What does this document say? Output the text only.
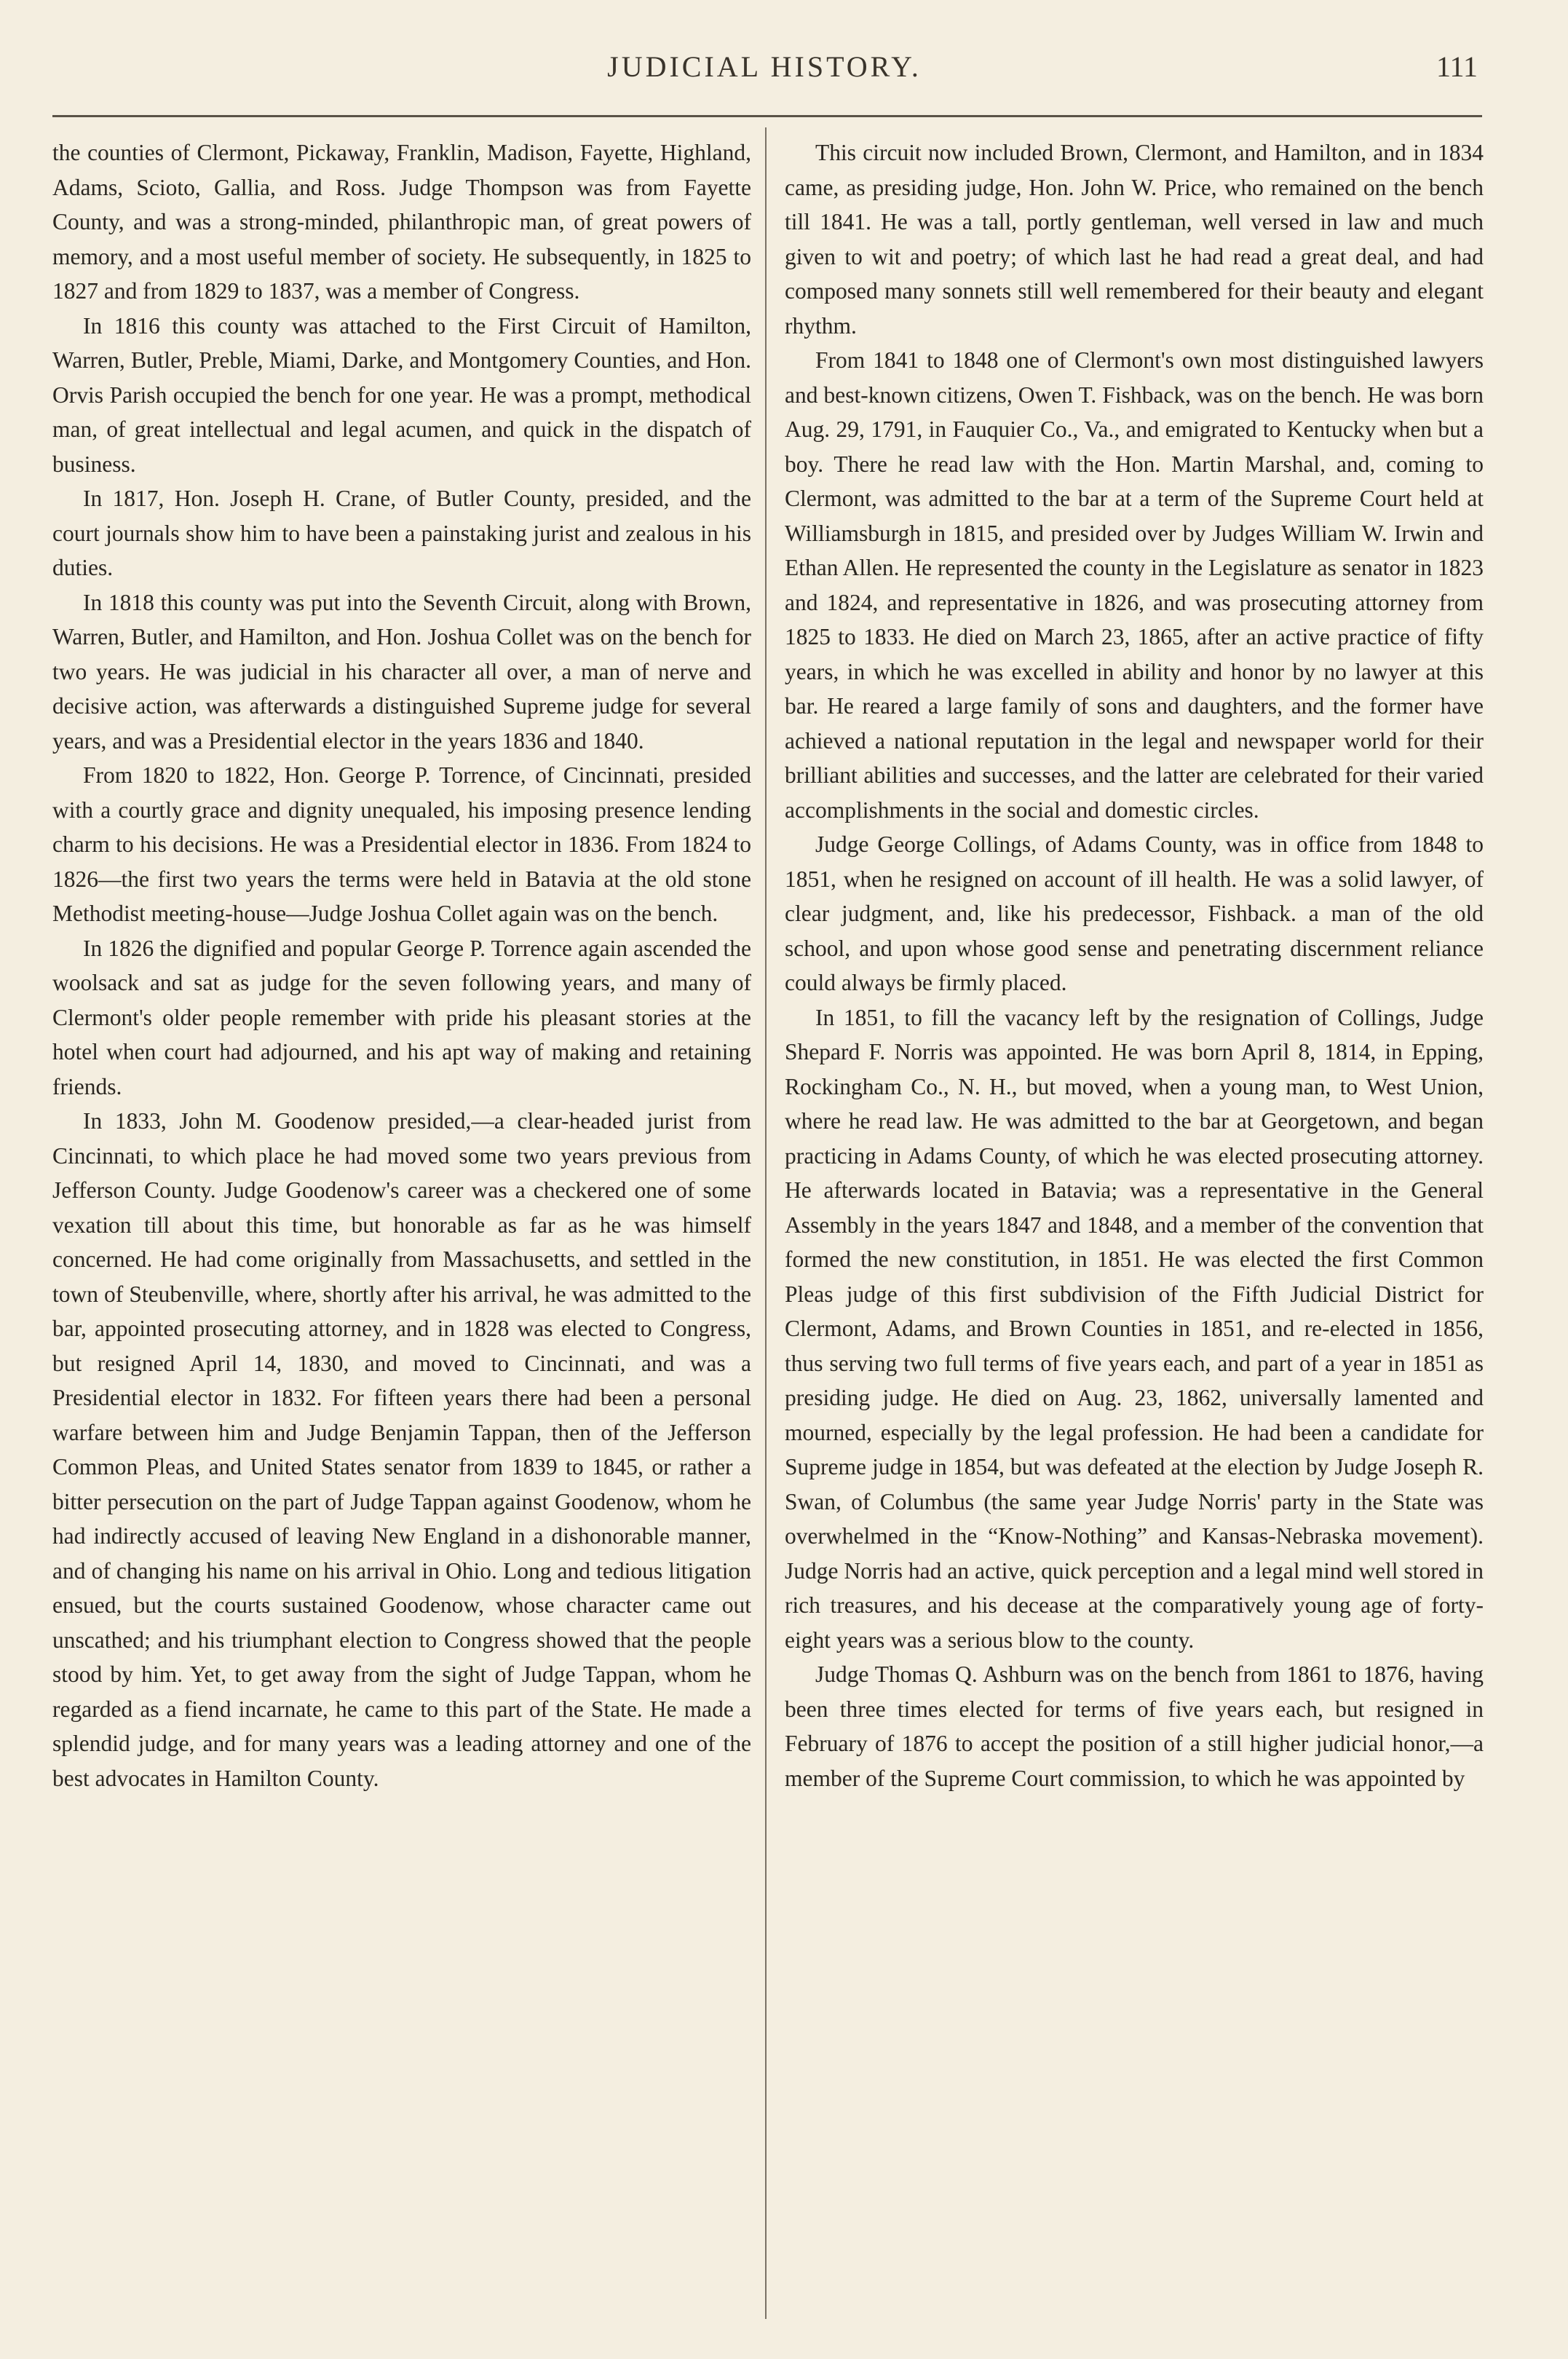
JUDICIAL HISTORY.	111

the counties of Clermont, Pickaway, Franklin, Madison, Fayette, Highland, Adams, Scioto, Gallia, and Ross. Judge Thompson was from Fayette County, and was a strong-minded, philanthropic man, of great powers of memory, and a most useful member of society. He subsequently, in 1825 to 1827 and from 1829 to 1837, was a member of Congress.

In 1816 this county was attached to the First Circuit of Hamilton, Warren, Butler, Preble, Miami, Darke, and Montgomery Counties, and Hon. Orvis Parish occupied the bench for one year. He was a prompt, methodical man, of great intellectual and legal acumen, and quick in the dispatch of business.

In 1817, Hon. Joseph H. Crane, of Butler County, presided, and the court journals show him to have been a painstaking jurist and zealous in his duties.

In 1818 this county was put into the Seventh Circuit, along with Brown, Warren, Butler, and Hamilton, and Hon. Joshua Collet was on the bench for two years. He was judicial in his character all over, a man of nerve and decisive action, was afterwards a distinguished Supreme judge for several years, and was a Presidential elector in the years 1836 and 1840.

From 1820 to 1822, Hon. George P. Torrence, of Cincinnati, presided with a courtly grace and dignity unequaled, his imposing presence lending charm to his decisions. He was a Presidential elector in 1836. From 1824 to 1826—the first two years the terms were held in Batavia at the old stone Methodist meeting-house—Judge Joshua Collet again was on the bench.

In 1826 the dignified and popular George P. Torrence again ascended the woolsack and sat as judge for the seven following years, and many of Clermont's older people remember with pride his pleasant stories at the hotel when court had adjourned, and his apt way of making and retaining friends.

In 1833, John M. Goodenow presided,—a clear-headed jurist from Cincinnati, to which place he had moved some two years previous from Jefferson County. Judge Goodenow's career was a checkered one of some vexation till about this time, but honorable as far as he was himself concerned. He had come originally from Massachusetts, and settled in the town of Steubenville, where, shortly after his arrival, he was admitted to the bar, appointed prosecuting attorney, and in 1828 was elected to Congress, but resigned April 14, 1830, and moved to Cincinnati, and was a Presidential elector in 1832. For fifteen years there had been a personal warfare between him and Judge Benjamin Tappan, then of the Jefferson Common Pleas, and United States senator from 1839 to 1845, or rather a bitter persecution on the part of Judge Tappan against Goodenow, whom he had indirectly accused of leaving New England in a dishonorable manner, and of changing his name on his arrival in Ohio. Long and tedious litigation ensued, but the courts sustained Goodenow, whose character came out unscathed; and his triumphant election to Congress showed that the people stood by him. Yet, to get away from the sight of Judge Tappan, whom he regarded as a fiend incarnate, he came to this part of the State. He made a splendid judge, and for many years was a leading attorney and one of the best advocates in Hamilton County.

This circuit now included Brown, Clermont, and Hamilton, and in 1834 came, as presiding judge, Hon. John W. Price, who remained on the bench till 1841. He was a tall, portly gentleman, well versed in law and much given to wit and poetry; of which last he had read a great deal, and had composed many sonnets still well remembered for their beauty and elegant rhythm.

From 1841 to 1848 one of Clermont's own most distinguished lawyers and best-known citizens, Owen T. Fishback, was on the bench. He was born Aug. 29, 1791, in Fauquier Co., Va., and emigrated to Kentucky when but a boy. There he read law with the Hon. Martin Marshal, and, coming to Clermont, was admitted to the bar at a term of the Supreme Court held at Williamsburgh in 1815, and presided over by Judges William W. Irwin and Ethan Allen. He represented the county in the Legislature as senator in 1823 and 1824, and representative in 1826, and was prosecuting attorney from 1825 to 1833. He died on March 23, 1865, after an active practice of fifty years, in which he was excelled in ability and honor by no lawyer at this bar. He reared a large family of sons and daughters, and the former have achieved a national reputation in the legal and newspaper world for their brilliant abilities and successes, and the latter are celebrated for their varied accomplishments in the social and domestic circles.

Judge George Collings, of Adams County, was in office from 1848 to 1851, when he resigned on account of ill health. He was a solid lawyer, of clear judgment, and, like his predecessor, Fishback. a man of the old school, and upon whose good sense and penetrating discernment reliance could always be firmly placed.

In 1851, to fill the vacancy left by the resignation of Collings, Judge Shepard F. Norris was appointed. He was born April 8, 1814, in Epping, Rockingham Co., N. H., but moved, when a young man, to West Union, where he read law. He was admitted to the bar at Georgetown, and began practicing in Adams County, of which he was elected prosecuting attorney. He afterwards located in Batavia; was a representative in the General Assembly in the years 1847 and 1848, and a member of the convention that formed the new constitution, in 1851. He was elected the first Common Pleas judge of this first subdivision of the Fifth Judicial District for Clermont, Adams, and Brown Counties in 1851, and re-elected in 1856, thus serving two full terms of five years each, and part of a year in 1851 as presiding judge. He died on Aug. 23, 1862, universally lamented and mourned, especially by the legal profession. He had been a candidate for Supreme judge in 1854, but was defeated at the election by Judge Joseph R. Swan, of Columbus (the same year Judge Norris' party in the State was overwhelmed in the “Know-Nothing” and Kansas-Nebraska movement). Judge Norris had an active, quick perception and a legal mind well stored in rich treasures, and his decease at the comparatively young age of forty-eight years was a serious blow to the county.

Judge Thomas Q. Ashburn was on the bench from 1861 to 1876, having been three times elected for terms of five years each, but resigned in February of 1876 to accept the position of a still higher judicial honor,—a member of the Supreme Court commission, to which he was appointed by
